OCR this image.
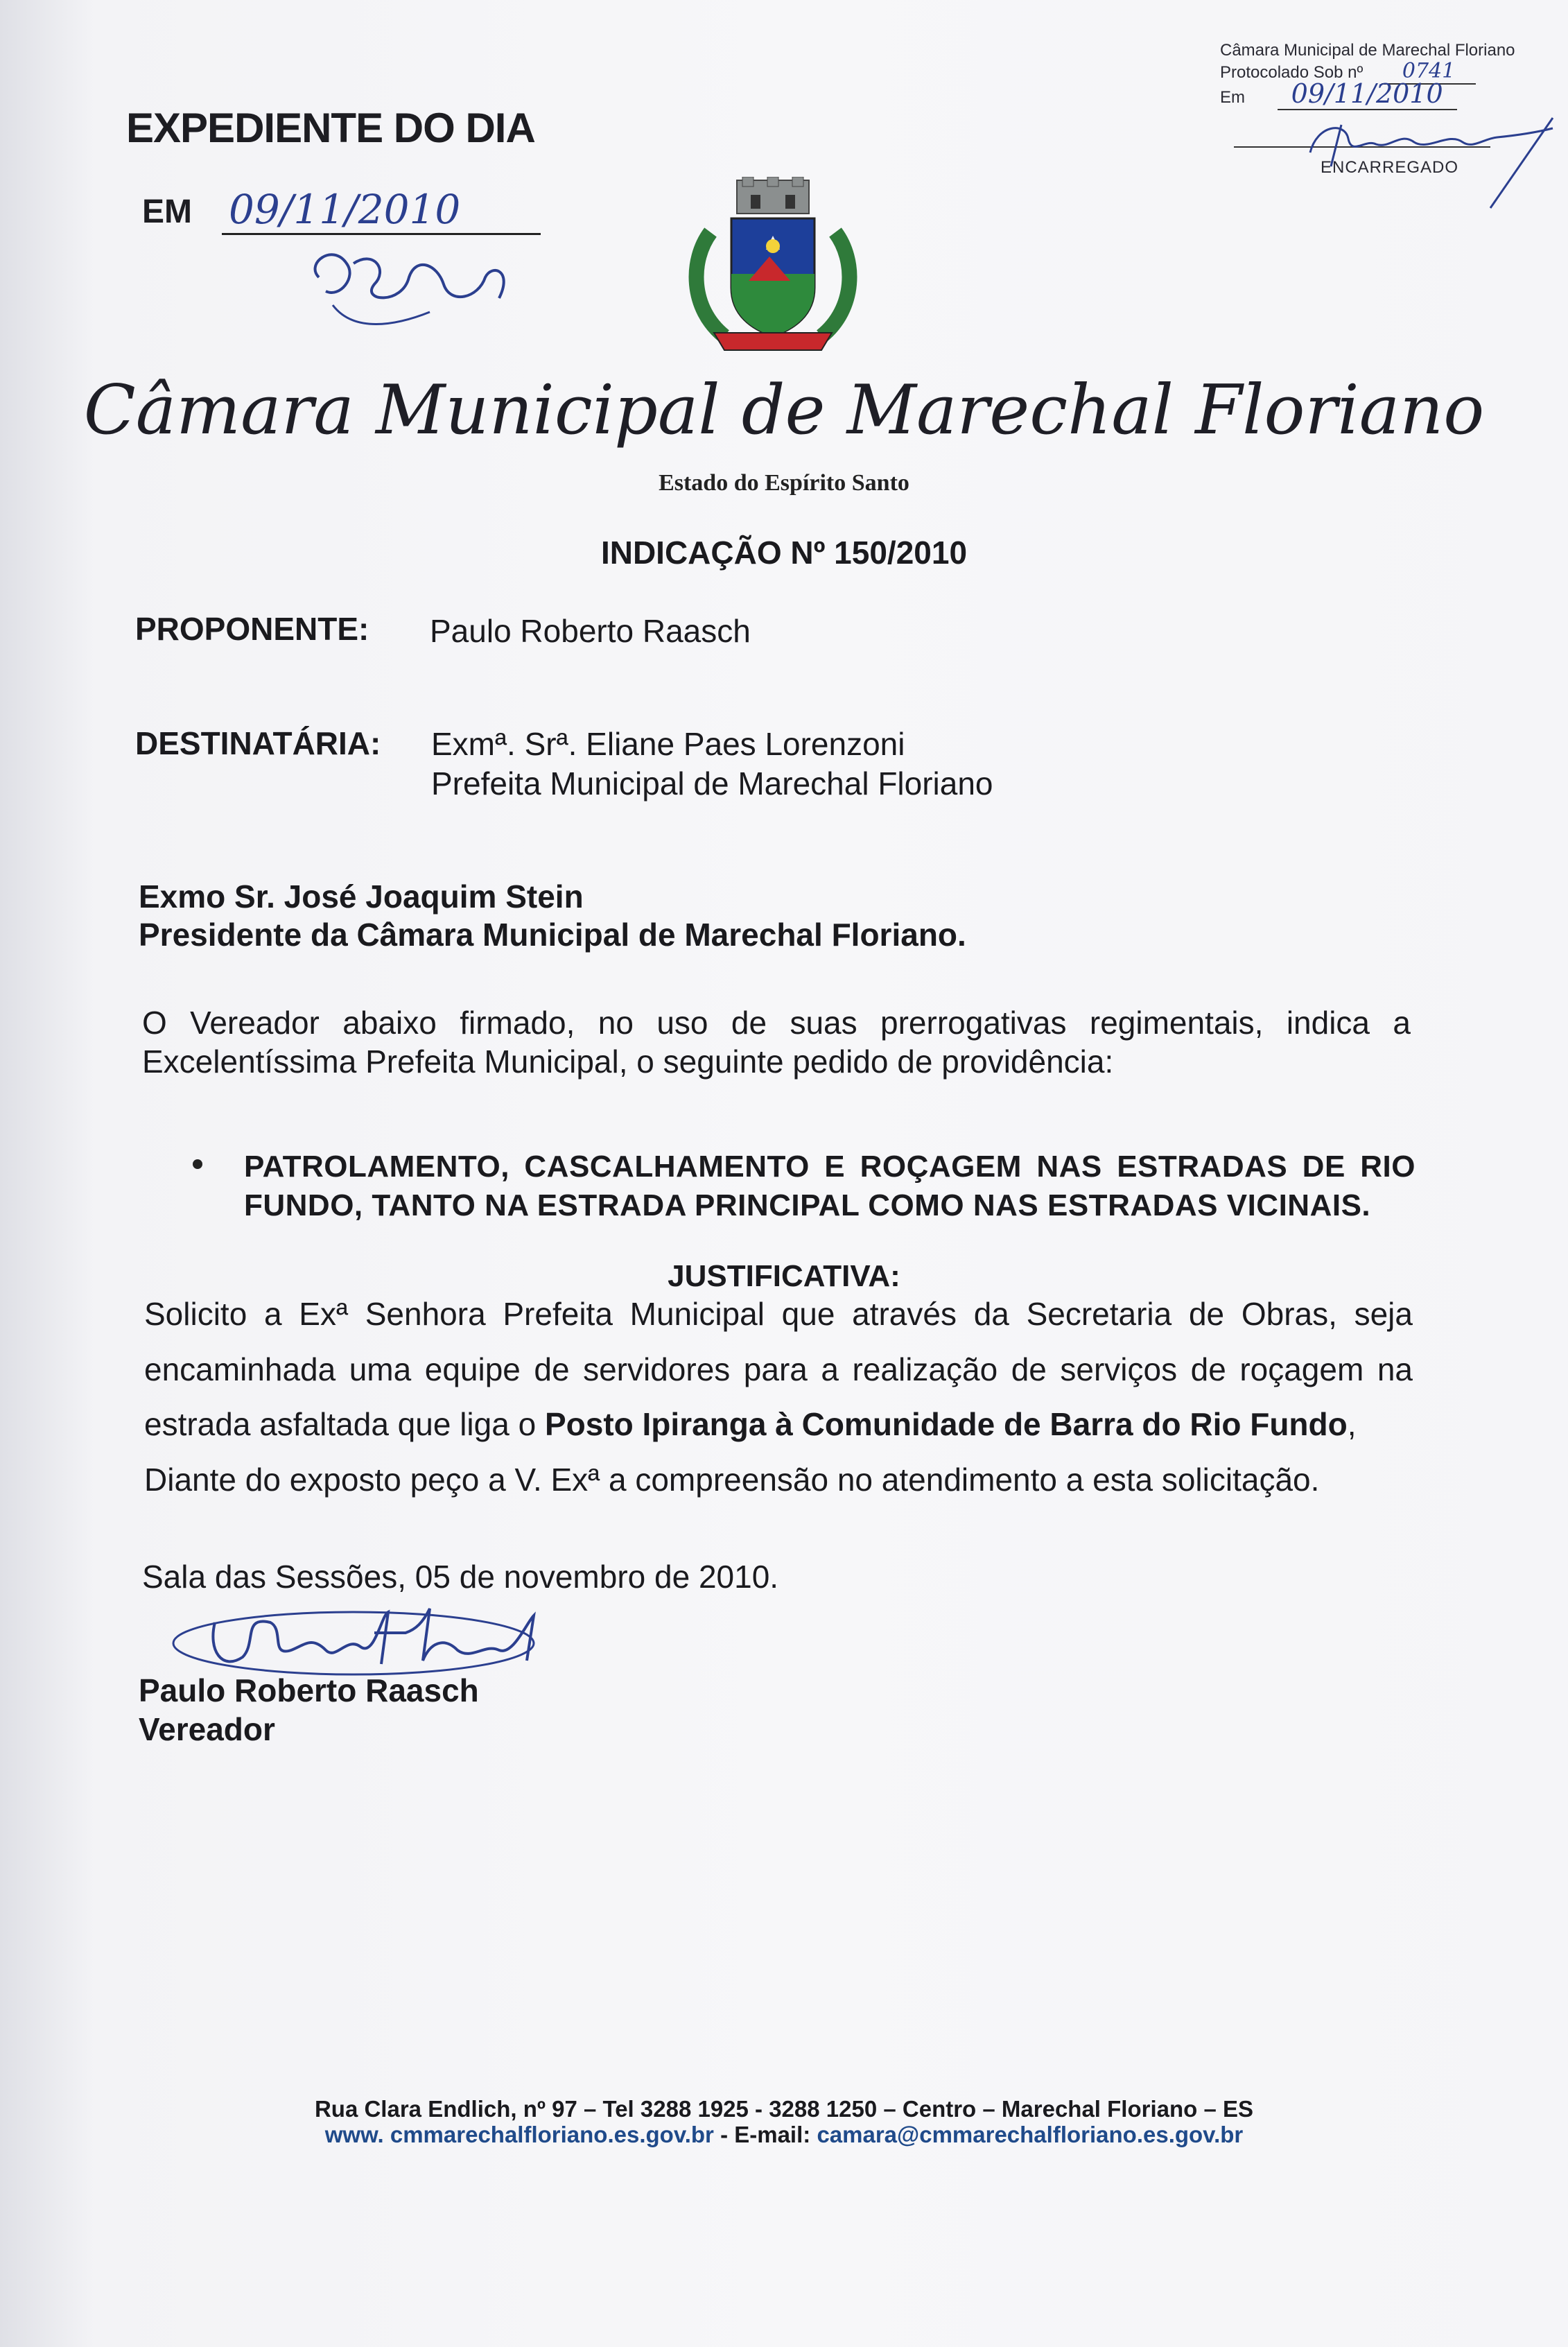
Câmara Municipal de Marechal Floriano
Protocolado Sob nº 0741
Em 09/11/2010
ENCARREGADO
EXPEDIENTE DO DIA
EM 09/11/2010
Câmara Municipal de Marechal Floriano
Estado do Espírito Santo
INDICAÇÃO Nº 150/2010
PROPONENTE: Paulo Roberto Raasch
DESTINATÁRIA: Exmª. Srª. Eliane Paes Lorenzoni
Prefeita Municipal de Marechal Floriano
Exmo Sr. José Joaquim Stein
Presidente da Câmara Municipal de Marechal Floriano.
O Vereador abaixo firmado, no uso de suas prerrogativas regimentais, indica a
Excelentíssima Prefeita Municipal, o seguinte pedido de providência:
PATROLAMENTO, CASCALHAMENTO E ROÇAGEM NAS ESTRADAS DE RIO
FUNDO, TANTO NA ESTRADA PRINCIPAL COMO NAS ESTRADAS VICINAIS.
JUSTIFICATIVA:
Solicito a Exª Senhora Prefeita Municipal que através da Secretaria de Obras, seja
encaminhada uma equipe de servidores para a realização de serviços de roçagem na
estrada asfaltada que liga o Posto Ipiranga à Comunidade de Barra do Rio Fundo,
Diante do exposto peço a V. Exª a compreensão no atendimento a esta solicitação.
Sala das Sessões, 05 de novembro de 2010.
Paulo Roberto Raasch
Vereador
Rua Clara Endlich, nº 97 – Tel 3288 1925 - 3288 1250 – Centro – Marechal Floriano – ES
www. cmmarechalfloriano.es.gov.br - E-mail: camara@cmmarechalfloriano.es.gov.br
